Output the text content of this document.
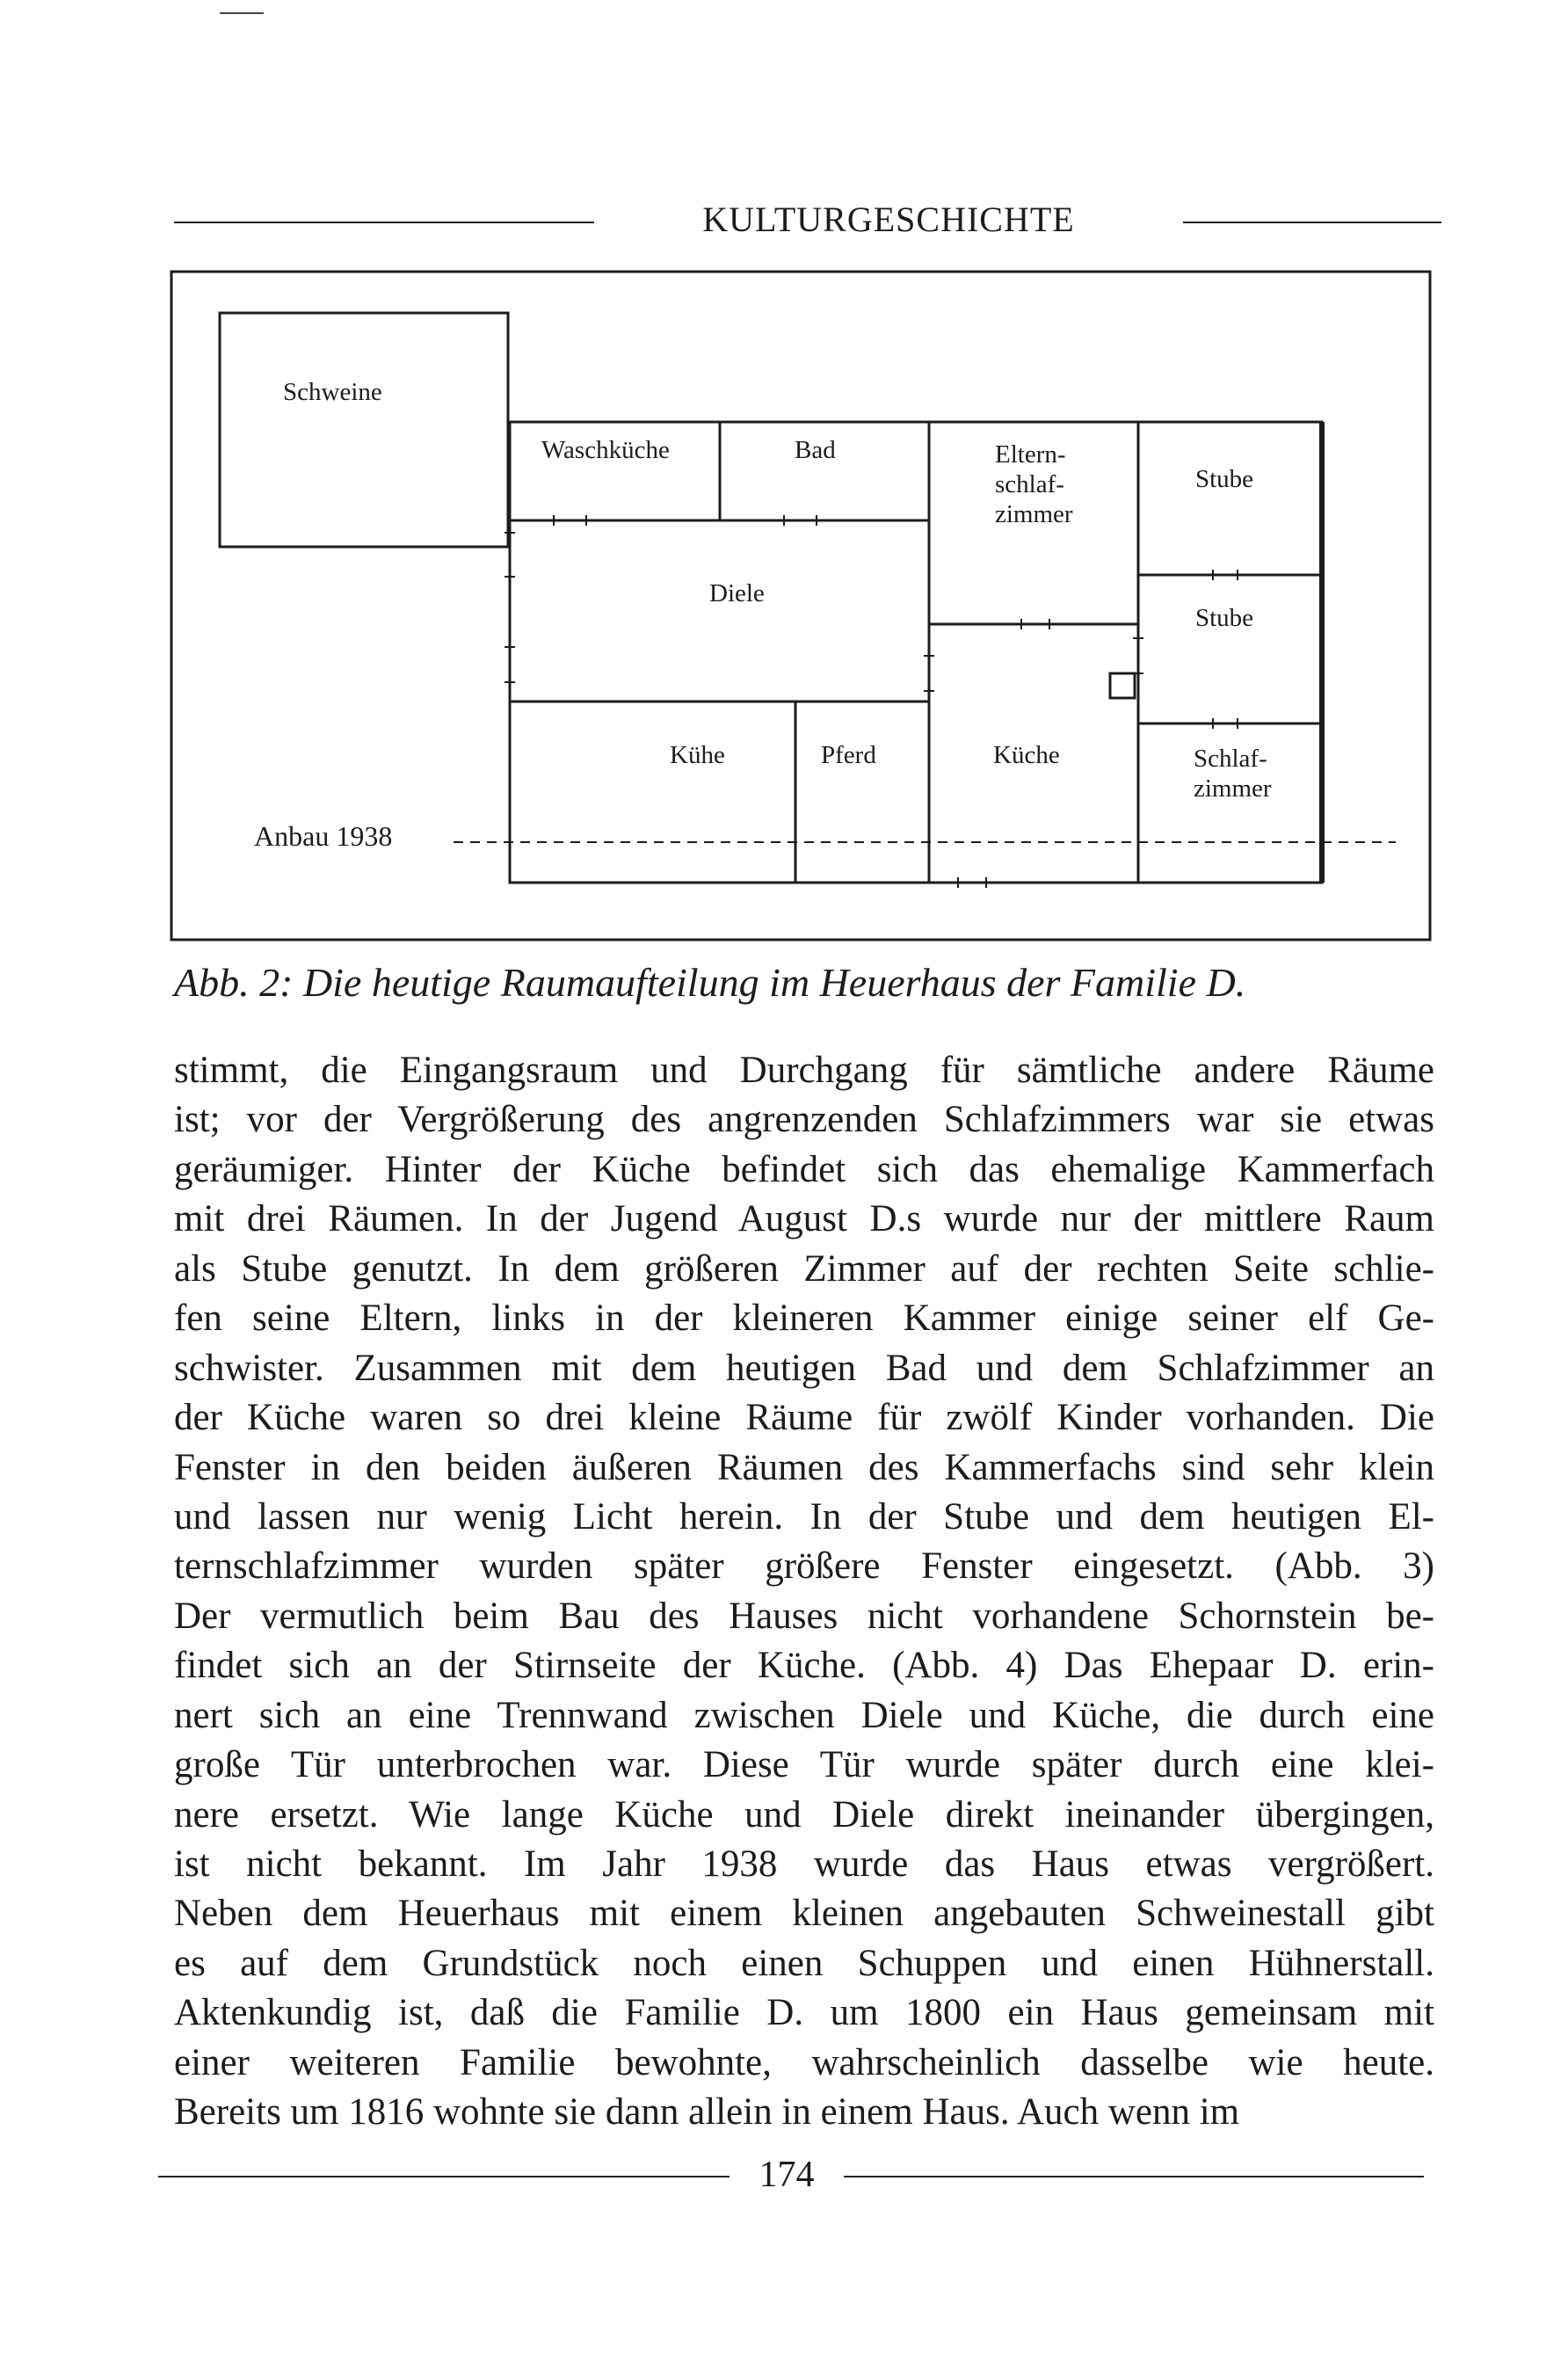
KULTURGESCHICHTE
Schweine
Waschküche	Bad	Eltern-
schlaf-
zimmer
Stube
Diele
Stube
Kühe	Pferd	Küche	Schlaf-
zimmer
Anbau 1938
Abb. 2: Die heutige Raumaufteilung im Heuerhaus der Familie D.
stimmt, die Eingangsraum und Durchgang für sämtliche andere Räume
ist; vor der Vergrößerung des angrenzenden Schlafzimmers war sie etwas
geräumiger. Hinter der Küche befindet sich das ehemalige Kammerfach
mit drei Räumen. In der Jugend August D.s wurde nur der mittlere Raum
als Stube genutzt. In dem größeren Zimmer auf der rechten Seite schlie-
fen seine Eltern, links in der kleineren Kammer einige seiner elf Ge-
schwister. Zusammen mit dem heutigen Bad und dem Schlafzimmer an
der Küche waren so drei kleine Räume für zwölf Kinder vorhanden. Die
Fenster in den beiden äußeren Räumen des Kammerfachs sind sehr klein
und lassen nur wenig Licht herein. In der Stube und dem heutigen El-
ternschlafzimmer wurden später größere Fenster eingesetzt. (Abb. 3)
Der vermutlich beim Bau des Hauses nicht vorhandene Schornstein be-
findet sich an der Stirnseite der Küche. (Abb. 4) Das Ehepaar D. erin-
nert sich an eine Trennwand zwischen Diele und Küche, die durch eine
große Tür unterbrochen war. Diese Tür wurde später durch eine klei-
nere ersetzt. Wie lange Küche und Diele direkt ineinander übergingen,
ist nicht bekannt. Im Jahr 1938 wurde das Haus etwas vergrößert.
Neben dem Heuerhaus mit einem kleinen angebauten Schweinestall gibt
es auf dem Grundstück noch einen Schuppen und einen Hühnerstall.
Aktenkundig ist, daß die Familie D. um 1800 ein Haus gemeinsam mit
einer weiteren Familie bewohnte, wahrscheinlich dasselbe wie heute.
Bereits um 1816 wohnte sie dann allein in einem Haus. Auch wenn im
174
